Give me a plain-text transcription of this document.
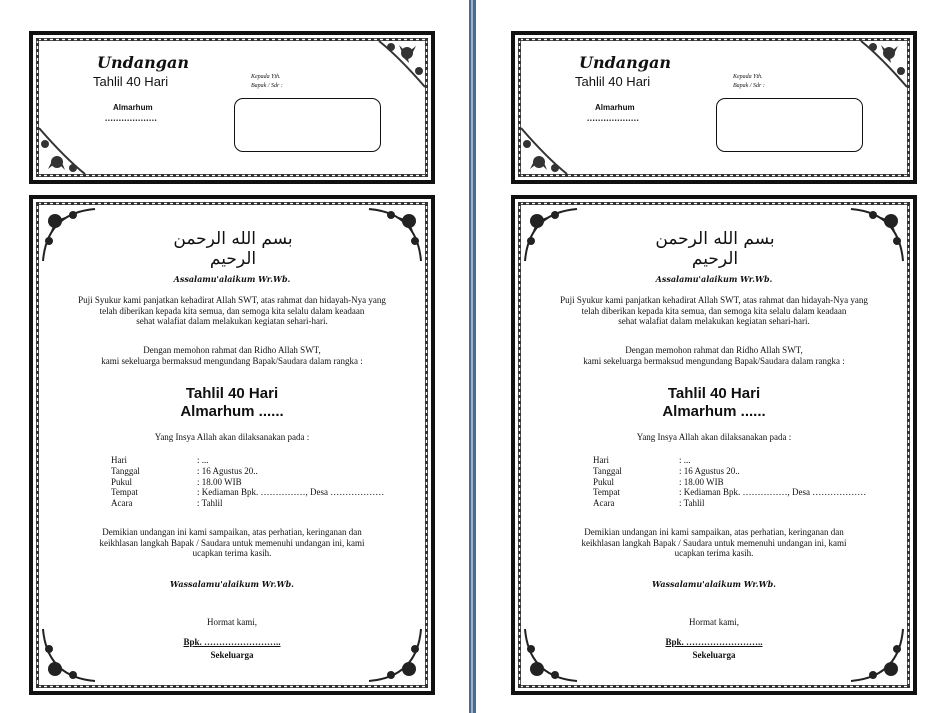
Undangan
Tahlil 40 Hari
Almarhum
...................
Kepada Yth.
Bapak / Sdr :
بسم الله الرحمن الرحيم
Assalamu'alaikum Wr.Wb.
Puji Syukur kami panjatkan kehadirat Allah SWT, atas rahmat dan hidayah-Nya yang
telah diberikan kepada kita semua, dan semoga kita selalu dalam keadaan
sehat walafiat dalam melakukan kegiatan sehari-hari.
Dengan memohon rahmat dan Ridho Allah SWT,
kami sekeluarga bermaksud mengundang Bapak/Saudara dalam rangka :
Tahlil 40 Hari
Almarhum ......
Yang Insya Allah akan dilaksanakan pada :
Hari	: ...
Tanggal	: 16 Agustus 20..
Pukul	: 18.00 WIB
Tempat	: Kediaman Bpk. ……………, Desa ………………
Acara	: Tahlil
Demikian undangan ini kami sampaikan, atas perhatian, keringanan dan
keikhlasan langkah Bapak / Saudara untuk memenuhi undangan ini, kami
ucapkan terima kasih.
Wassalamu'alaikum Wr.Wb.
Hormat kami,
Bpk. ……………………..
Sekeluarga
Undangan
Tahlil 40 Hari
Almarhum
...................
Kepada Yth.
Bapak / Sdr :
بسم الله الرحمن الرحيم
Assalamu'alaikum Wr.Wb.
Puji Syukur kami panjatkan kehadirat Allah SWT, atas rahmat dan hidayah-Nya yang
telah diberikan kepada kita semua, dan semoga kita selalu dalam keadaan
sehat walafiat dalam melakukan kegiatan sehari-hari.
Dengan memohon rahmat dan Ridho Allah SWT,
kami sekeluarga bermaksud mengundang Bapak/Saudara dalam rangka :
Tahlil 40 Hari
Almarhum ......
Yang Insya Allah akan dilaksanakan pada :
Hari	: ...
Tanggal	: 16 Agustus 20..
Pukul	: 18.00 WIB
Tempat	: Kediaman Bpk. ……………, Desa ………………
Acara	: Tahlil
Demikian undangan ini kami sampaikan, atas perhatian, keringanan dan
keikhlasan langkah Bapak / Saudara untuk memenuhi undangan ini, kami
ucapkan terima kasih.
Wassalamu'alaikum Wr.Wb.
Hormat kami,
Bpk. ……………………..
Sekeluarga
